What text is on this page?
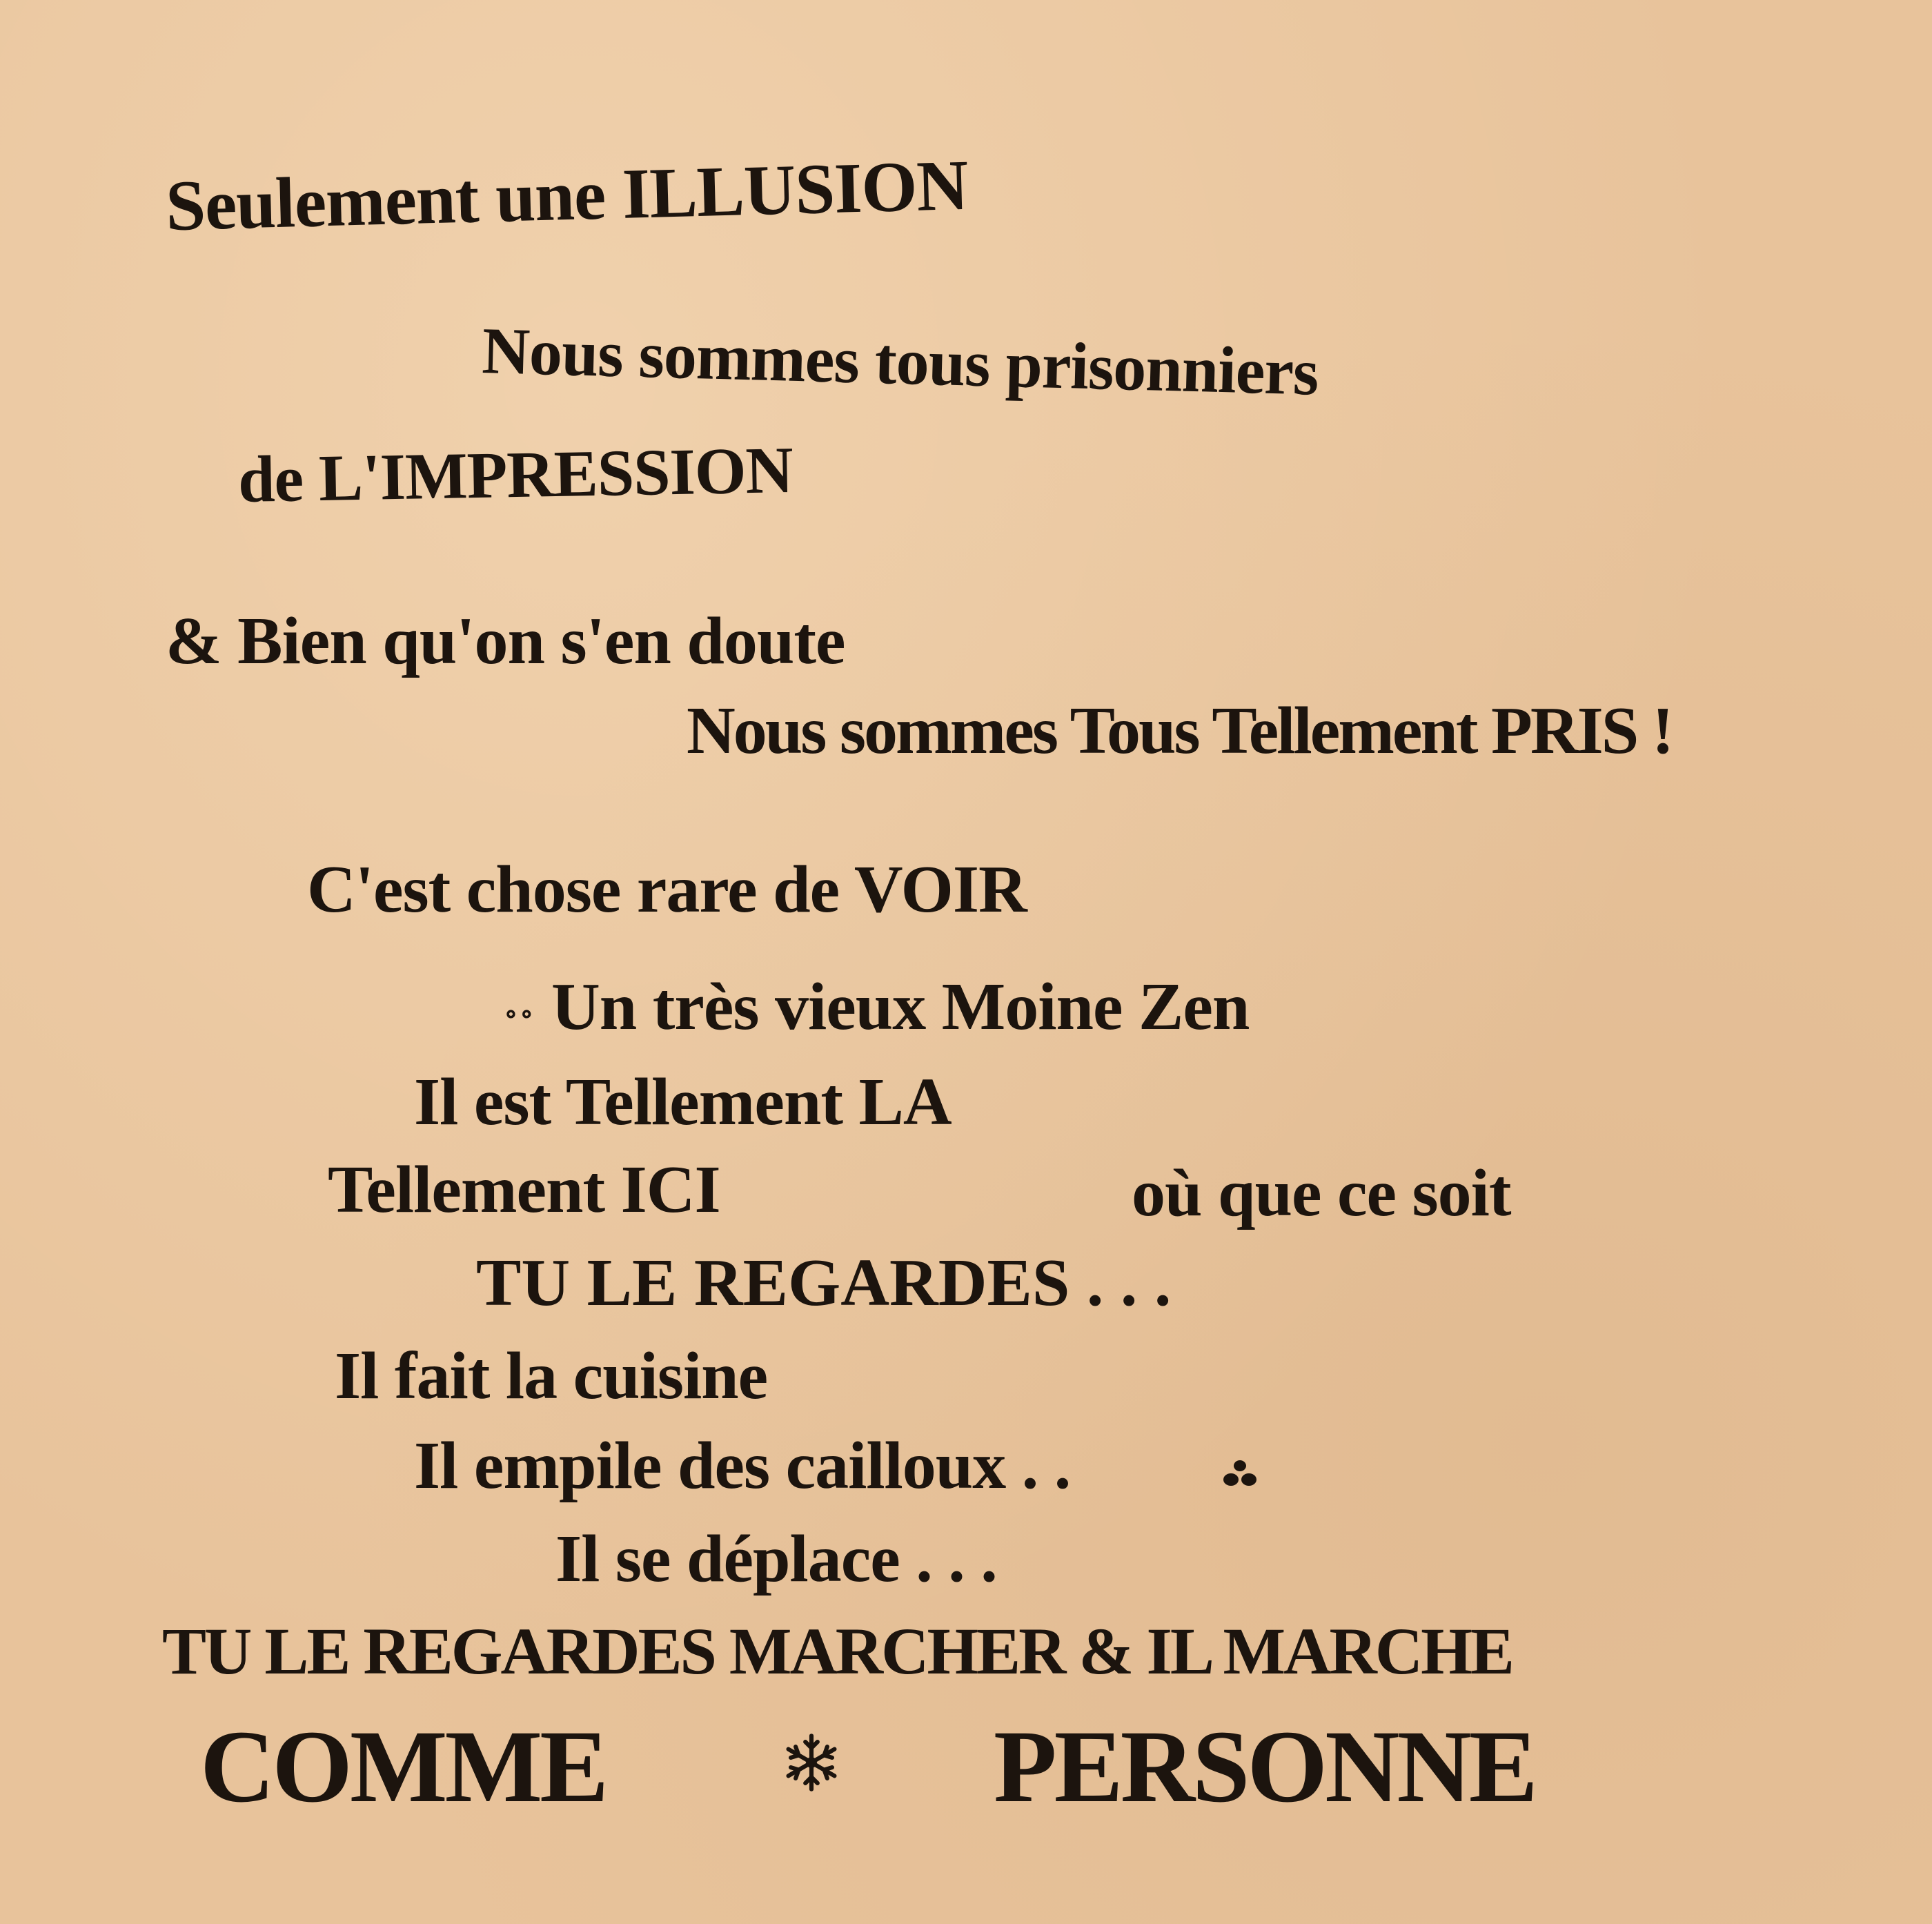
Seulement une ILLUSION
Nous sommes tous prisonniers
de L'IMPRESSION
& Bien qu'on s'en doute
Nous sommes Tous Tellement PRIS !
C'est chose rare de VOIR
∘∘ Un très vieux Moine Zen
Il est Tellement LA
Tellement ICI	où que ce soit
TU LE REGARDES . . .
Il fait la cuisine
Il empile des cailloux . .
Il se déplace . . .
TU LE REGARDES MARCHER & IL MARCHE
COMME	PERSONNE
